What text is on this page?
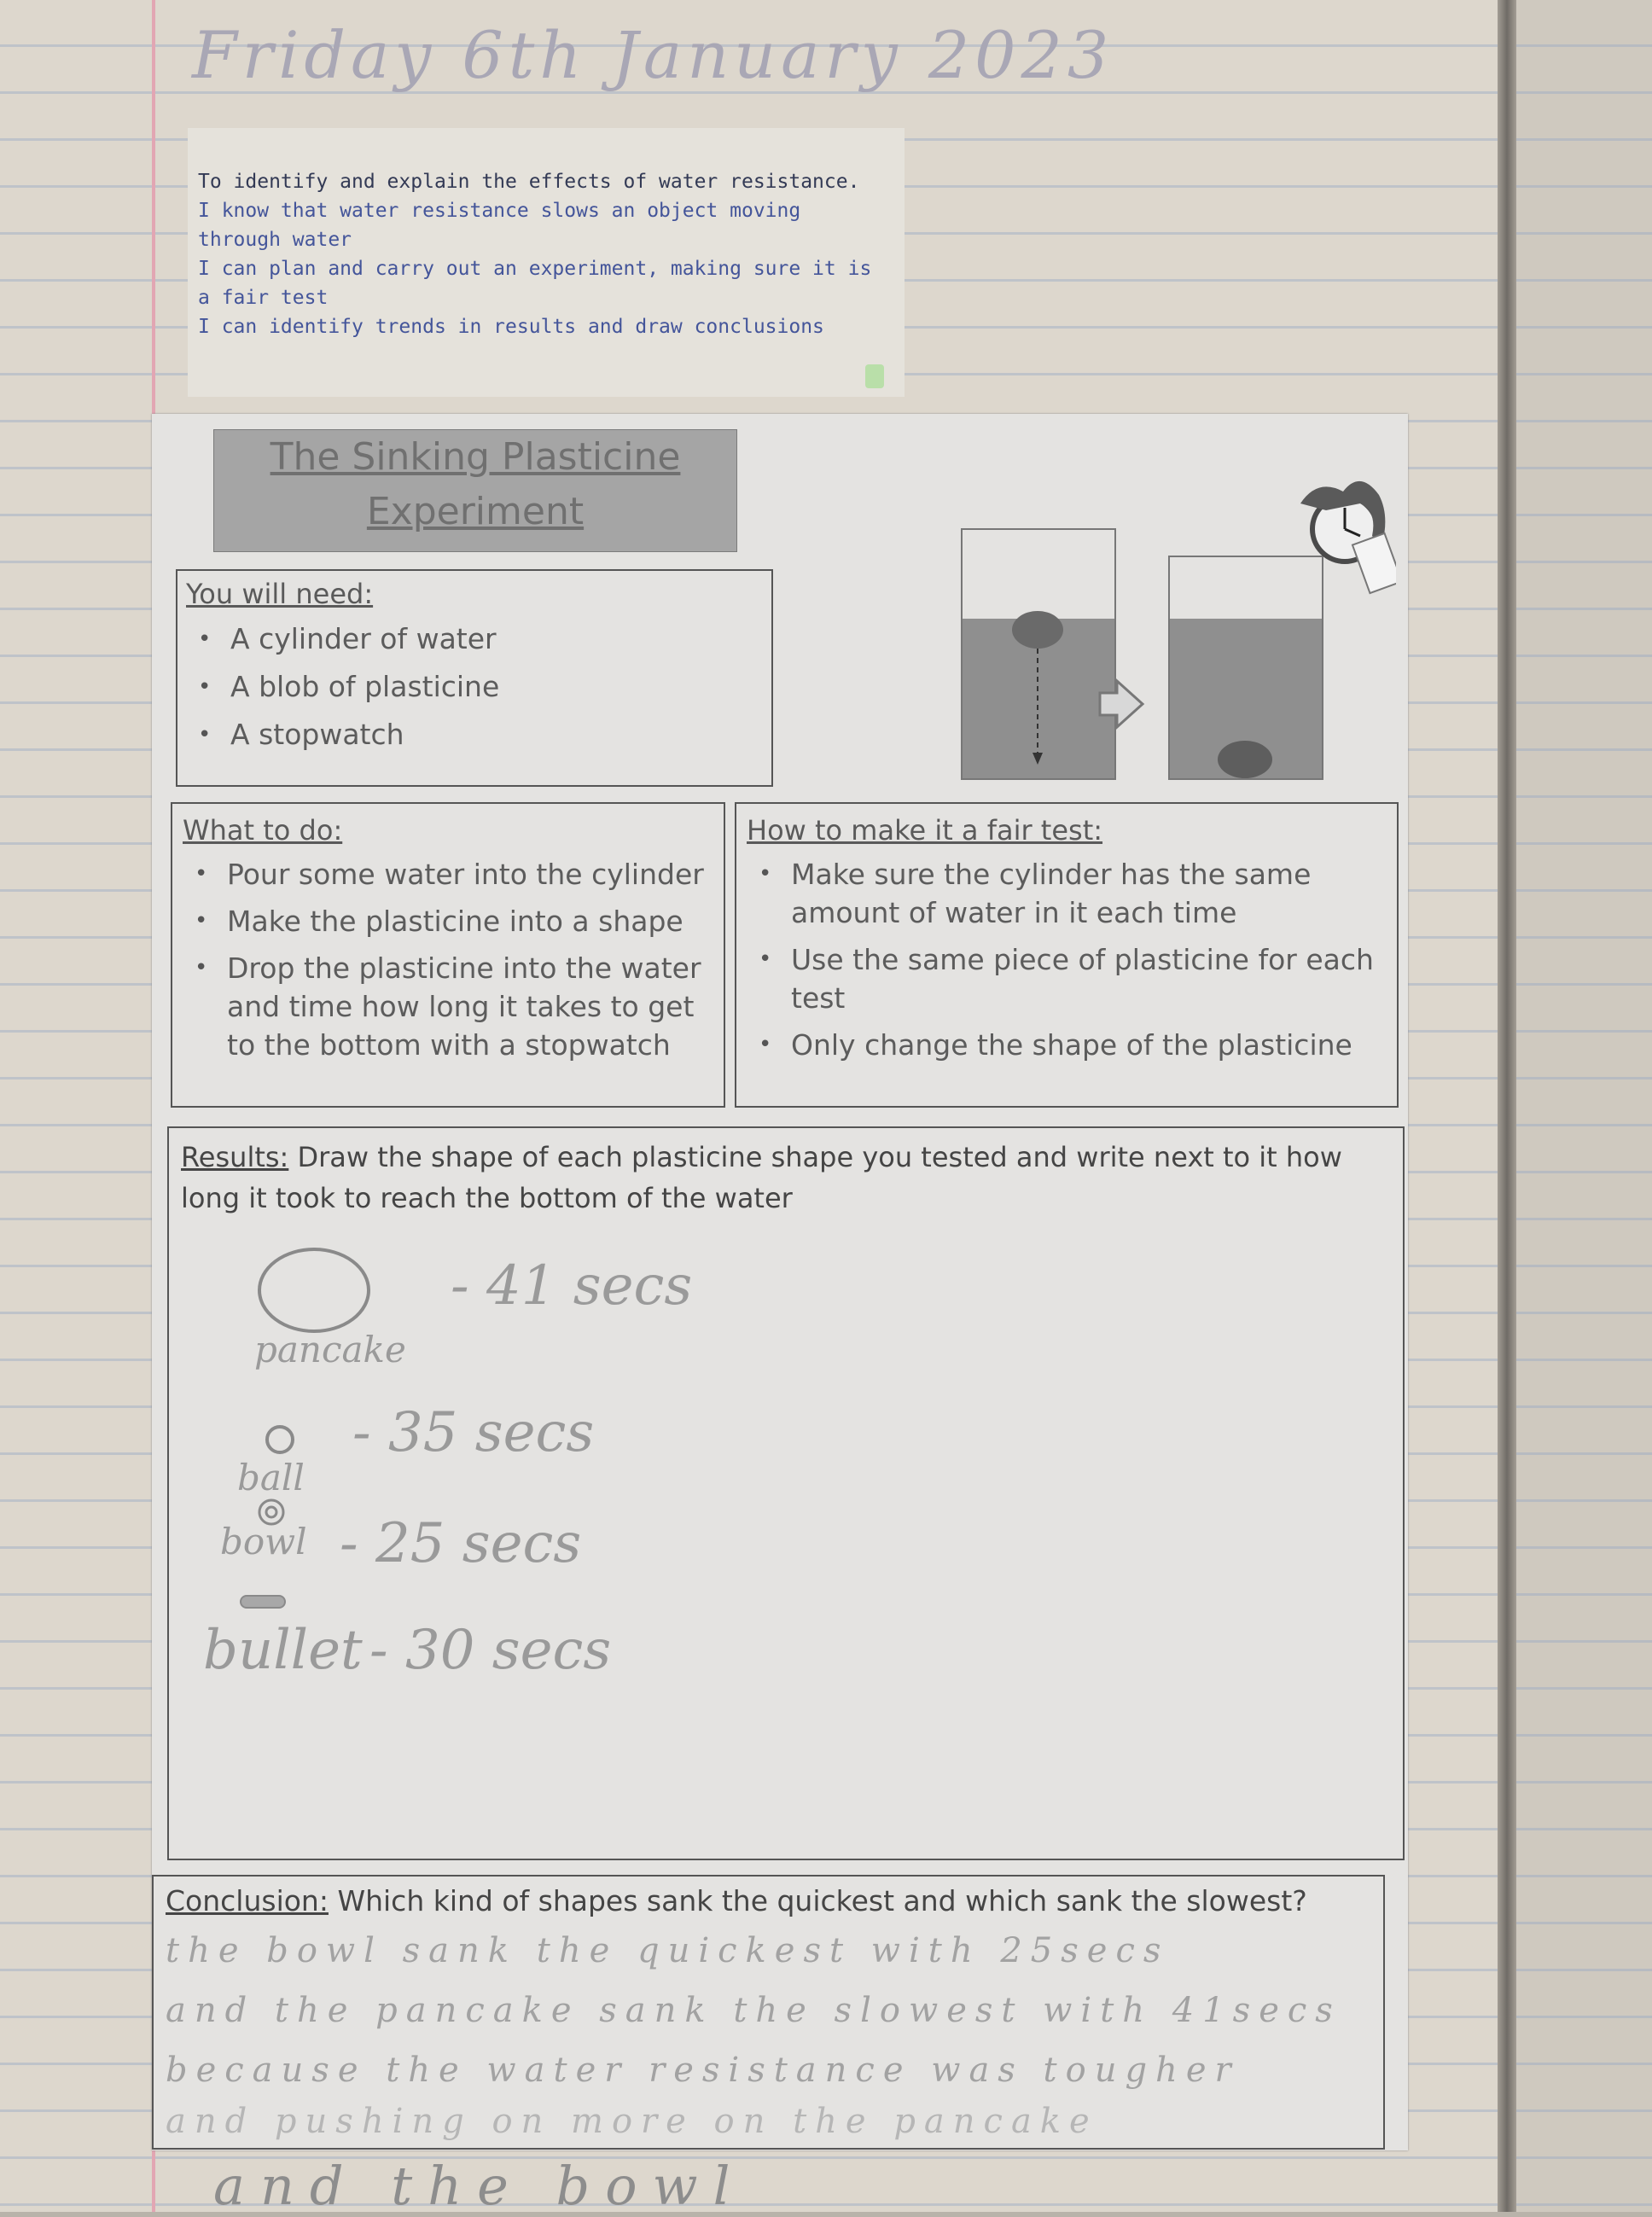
Friday 6th January 2023
To identify and explain the effects of water resistance.
I know that water resistance slows an object moving
through water
I can plan and carry out an experiment, making sure it is
a fair test
I can identify trends in results and draw conclusions
The Sinking Plasticine
Experiment
You will need:
• A cylinder of water
• A blob of plasticine
• A stopwatch
What to do:
• Pour some water into the cylinder
• Make the plasticine into a shape
• Drop the plasticine into the water and time how long it takes to get to the bottom with a stopwatch
How to make it a fair test:
• Make sure the cylinder has the same amount of water in it each time
• Use the same piece of plasticine for each test
• Only change the shape of the plasticine
Results: Draw the shape of each plasticine shape you tested and write next to it how long it took to reach the bottom of the water
- 41 secs
pancake
- 35 secs
ball
bowl - 25 secs
bullet - 30 secs
Conclusion: Which kind of shapes sank the quickest and which sank the slowest?
the bowl sank the quickest with 25secs
and the pancake sank the slowest with 41secs
because the water resistance was tougher
and pushing on more on the pancake
and the bowl
